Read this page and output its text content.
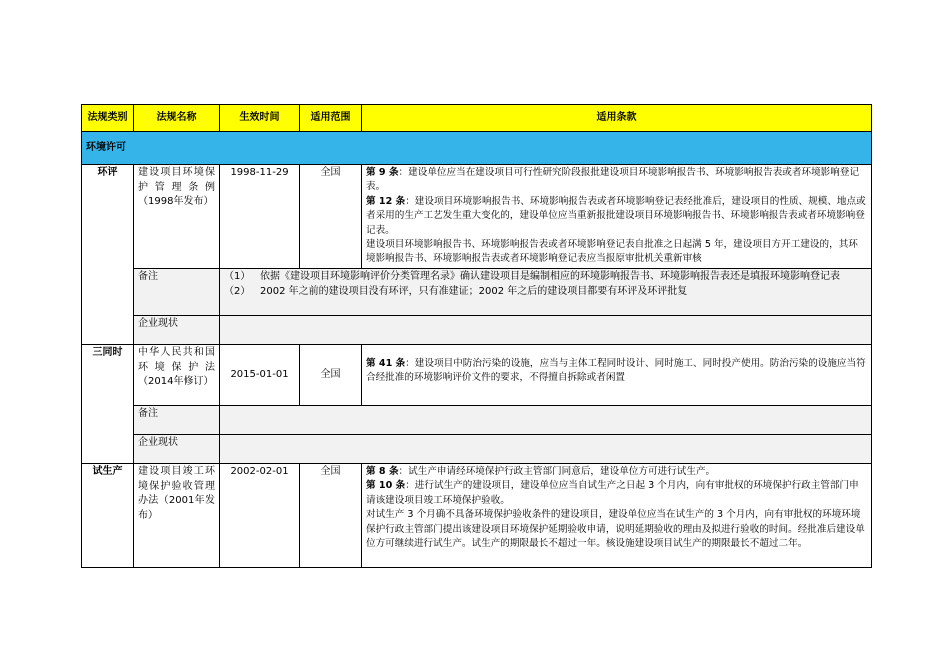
法规类别	法规名称	生效时间	适用范围	适用条款
环境许可				
环评	建设项目环境保护管理条例（1998年发布）	1998-11-29	全国	第 9 条：建设单位应当在建设项目可行性研究阶段报批建设项目环境影响报告书、环境影响报告表或者环境影响登记表。
第 12 条：建设项目环境影响报告书、环境影响报告表或者环境影响登记表经批准后，建设项目的性质、规模、地点或者采用的生产工艺发生重大变化的，建设单位应当重新报批建设项目环境影响报告书、环境影响报告表或者环境影响登记表。
建设项目环境影响报告书、环境影响报告表或者环境影响登记表自批准之日起满 5 年，建设项目方开工建设的，其环境影响报告书、环境影响报告表或者环境影响登记表应当报原审批机关重新审核

	备注	（1） 依据《建设项目环境影响评价分类管理名录》确认建设项目是编制相应的环境影响报告书、环境影响报告表还是填报环境影响登记表
（2） 2002 年之前的建设项目没有环评，只有准建证；2002 年之后的建设项目都要有环评及环评批复		

	企业现状			
三同时	中华人民共和国环境保护法（2014年修订）	2015-01-01	全国	第 41 条：建设项目中防治污染的设施，应当与主体工程同时设计、同时施工、同时投产使用。防治污染的设施应当符合经批准的环境影响评价文件的要求，不得擅自拆除或者闲置

	备注			
	企业现状			
试生产	建设项目竣工环境保护验收管理办法（2001年发布）	2002-02-01	全国	第 8 条：试生产申请经环境保护行政主管部门同意后，建设单位方可进行试生产。
第 10 条：进行试生产的建设项目，建设单位应当自试生产之日起 3 个月内，向有审批权的环境保护行政主管部门申请该建设项目竣工环境保护验收。
对试生产 3 个月确不具备环境保护验收条件的建设项目，建设单位应当在试生产的 3 个月内，向有审批权的环境环境保护行政主管部门提出该建设项目环境保护延期验收申请，说明延期验收的理由及拟进行验收的时间。经批准后建设单位方可继续进行试生产。试生产的期限最长不超过一年。核设施建设项目试生产的期限最长不超过二年。
